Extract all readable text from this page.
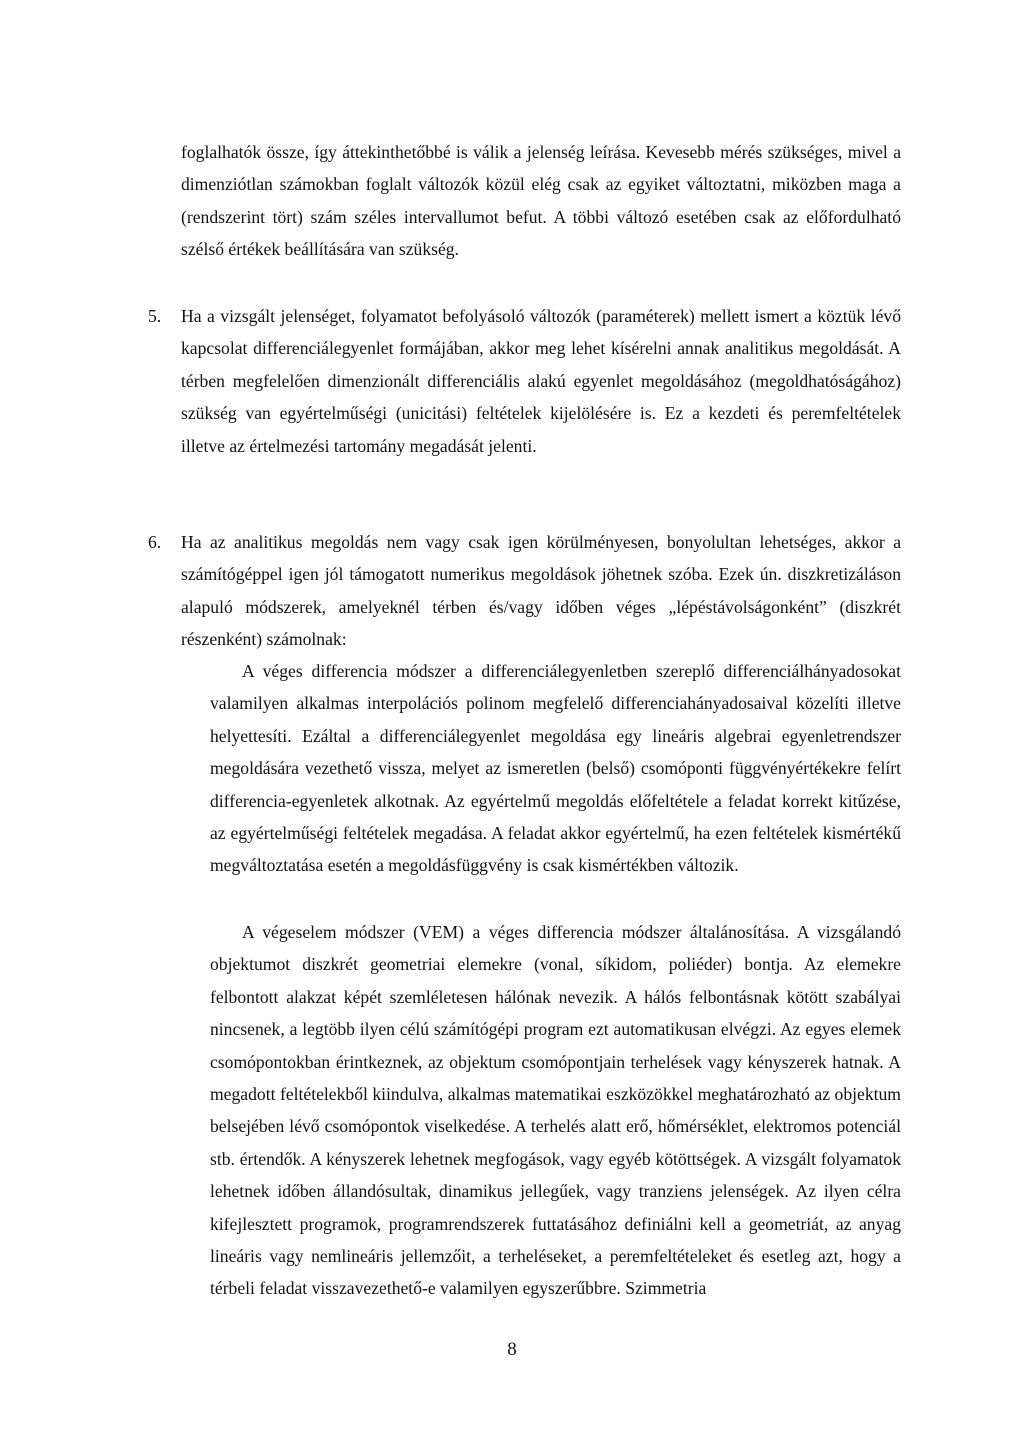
foglalhatók össze, így áttekinthetőbbé is válik a jelenség leírása. Kevesebb mérés szükséges, mivel a dimenziótlan számokban foglalt változók közül elég csak az egyiket változtatni, miközben maga a (rendszerint tört) szám széles intervallumot befut. A többi változó esetében csak az előfordulható szélső értékek beállítására van szükség.

5.	Ha a vizsgált jelenséget, folyamatot befolyásoló változók (paraméterek) mellett ismert a köztük lévő kapcsolat differenciálegyenlet formájában, akkor meg lehet kísérelni annak analitikus megoldását. A térben megfelelően dimenzionált differenciális alakú egyenlet megoldásához (megoldhatóságához) szükség van egyértelműségi (unicitási) feltételek kijelölésére is. Ez a kezdeti és peremfeltételek illetve az értelmezési tartomány megadását jelenti.

6.	Ha az analitikus megoldás nem vagy csak igen körülményesen, bonyolultan lehetséges, akkor a számítógéppel igen jól támogatott numerikus megoldások jöhetnek szóba. Ezek ún. diszkretizáláson alapuló módszerek, amelyeknél térben és/vagy időben véges „lépéstávolságonként” (diszkrét részenként) számolnak:

A véges differencia módszer a differenciálegyenletben szereplő differenciálhányadosokat valamilyen alkalmas interpolációs polinom megfelelő differenciahányadosaival közelíti illetve helyettesíti. Ezáltal a differenciálegyenlet megoldása egy lineáris algebrai egyenletrendszer megoldására vezethető vissza, melyet az ismeretlen (belső) csomóponti függvényértékekre felírt differencia-egyenletek alkotnak. Az egyértelmű megoldás előfeltétele a feladat korrekt kitűzése, az egyértelműségi feltételek megadása. A feladat akkor egyértelmű, ha ezen feltételek kismértékű megváltoztatása esetén a megoldásfüggvény is csak kismértékben változik.

A végeselem módszer (VEM) a véges differencia módszer általánosítása. A vizsgálandó objektumot diszkrét geometriai elemekre (vonal, síkidom, poliéder) bontja. Az elemekre felbontott alakzat képét szemléletesen hálónak nevezik. A hálós felbontásnak kötött szabályai nincsenek, a legtöbb ilyen célú számítógépi program ezt automatikusan elvégzi. Az egyes elemek csomópontokban érintkeznek, az objektum csomópontjain terhelések vagy kényszerek hatnak. A megadott feltételekből kiindulva, alkalmas matematikai eszközökkel meghatározható az objektum belsejében lévő csomópontok viselkedése. A terhelés alatt erő, hőmérséklet, elektromos potenciál stb. értendők. A kényszerek lehetnek megfogások, vagy egyéb kötöttségek. A vizsgált folyamatok lehetnek időben állandósultak, dinamikus jellegűek, vagy tranziens jelenségek. Az ilyen célra kifejlesztett programok, programrendszerek futtatásához definiálni kell a geometriát, az anyag lineáris vagy nemlineáris jellemzőit, a terheléseket, a peremfeltételeket és esetleg azt, hogy a térbeli feladat visszavezethető-e valamilyen egyszerűbbre. Szimmetria

8
